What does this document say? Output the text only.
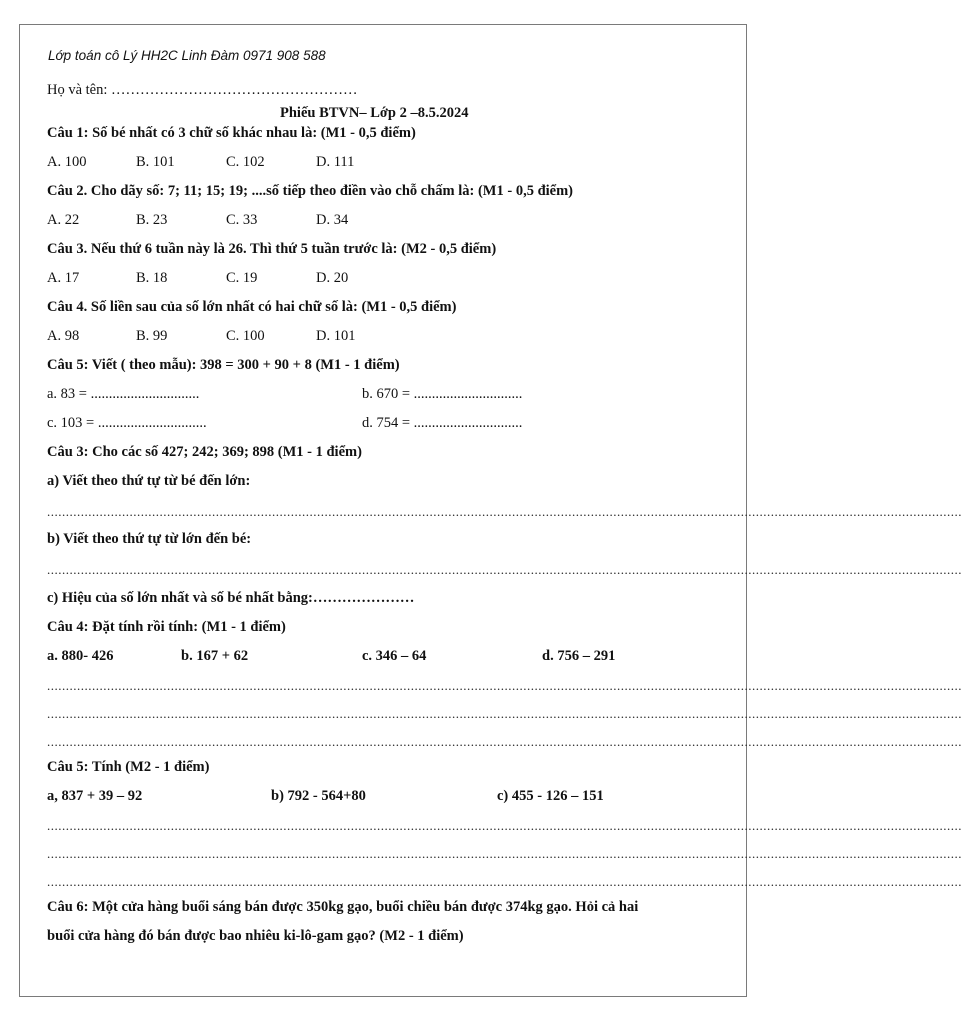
Lớp toán cô Lý HH2C Linh Đàm 0971 908 588
Họ và tên: ……………………………………………
Phiếu BTVN– Lớp 2 –8.5.2024
Câu 1: Số bé nhất có 3 chữ số khác nhau là: (M1 - 0,5 điểm)
A. 100	B. 101	C. 102	D. 111
Câu 2. Cho dãy số: 7; 11; 15; 19; ....số tiếp theo điền vào chỗ chấm là: (M1 - 0,5 điểm)
A. 22	B. 23	C. 33	D. 34
Câu 3. Nếu thứ 6 tuần này là 26. Thì thứ 5 tuần trước là: (M2 - 0,5 điểm)
A. 17	B. 18	C. 19	D. 20
Câu 4. Số liền sau của số lớn nhất có hai chữ số là: (M1 - 0,5 điểm)
A. 98	B. 99	C. 100	D. 101
Câu 5: Viết ( theo mẫu): 398 = 300 + 90 + 8 (M1 - 1 điểm)
a. 83 = ..............................	b. 670 = ..............................
c. 103 = ..............................	d. 754 = ..............................
Câu 3: Cho các số 427; 242; 369; 898 (M1 - 1 điểm)
a) Viết theo thứ tự từ bé đến lớn:
....................................................................................................................................................................................................................................................
b) Viết theo thứ tự từ lớn đến bé:
....................................................................................................................................................................................................................................................
c) Hiệu của số lớn nhất và số bé nhất bằng:…………………
Câu 4: Đặt tính rồi tính: (M1 - 1 điểm)
a. 880- 426	b. 167 + 62	c. 346 – 64	d. 756 – 291
....................................................................................................................................................................................................................................................
....................................................................................................................................................................................................................................................
....................................................................................................................................................................................................................................................
Câu 5: Tính (M2 - 1 điểm)
a, 837 + 39 – 92	b) 792 - 564+80	c) 455 - 126 – 151
....................................................................................................................................................................................................................................................
....................................................................................................................................................................................................................................................
....................................................................................................................................................................................................................................................
Câu 6: Một cửa hàng buổi sáng bán được 350kg gạo, buổi chiều bán được 374kg gạo. Hỏi cả hai
buổi cửa hàng đó bán được bao nhiêu ki-lô-gam gạo? (M2 - 1 điểm)
